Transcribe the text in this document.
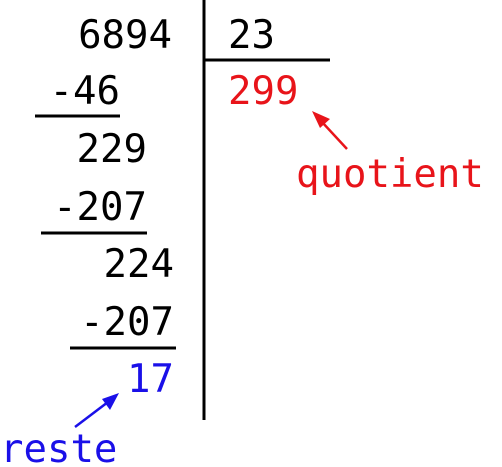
6894 23
-46
229
-207
224
-207
17
299
quotient
reste
